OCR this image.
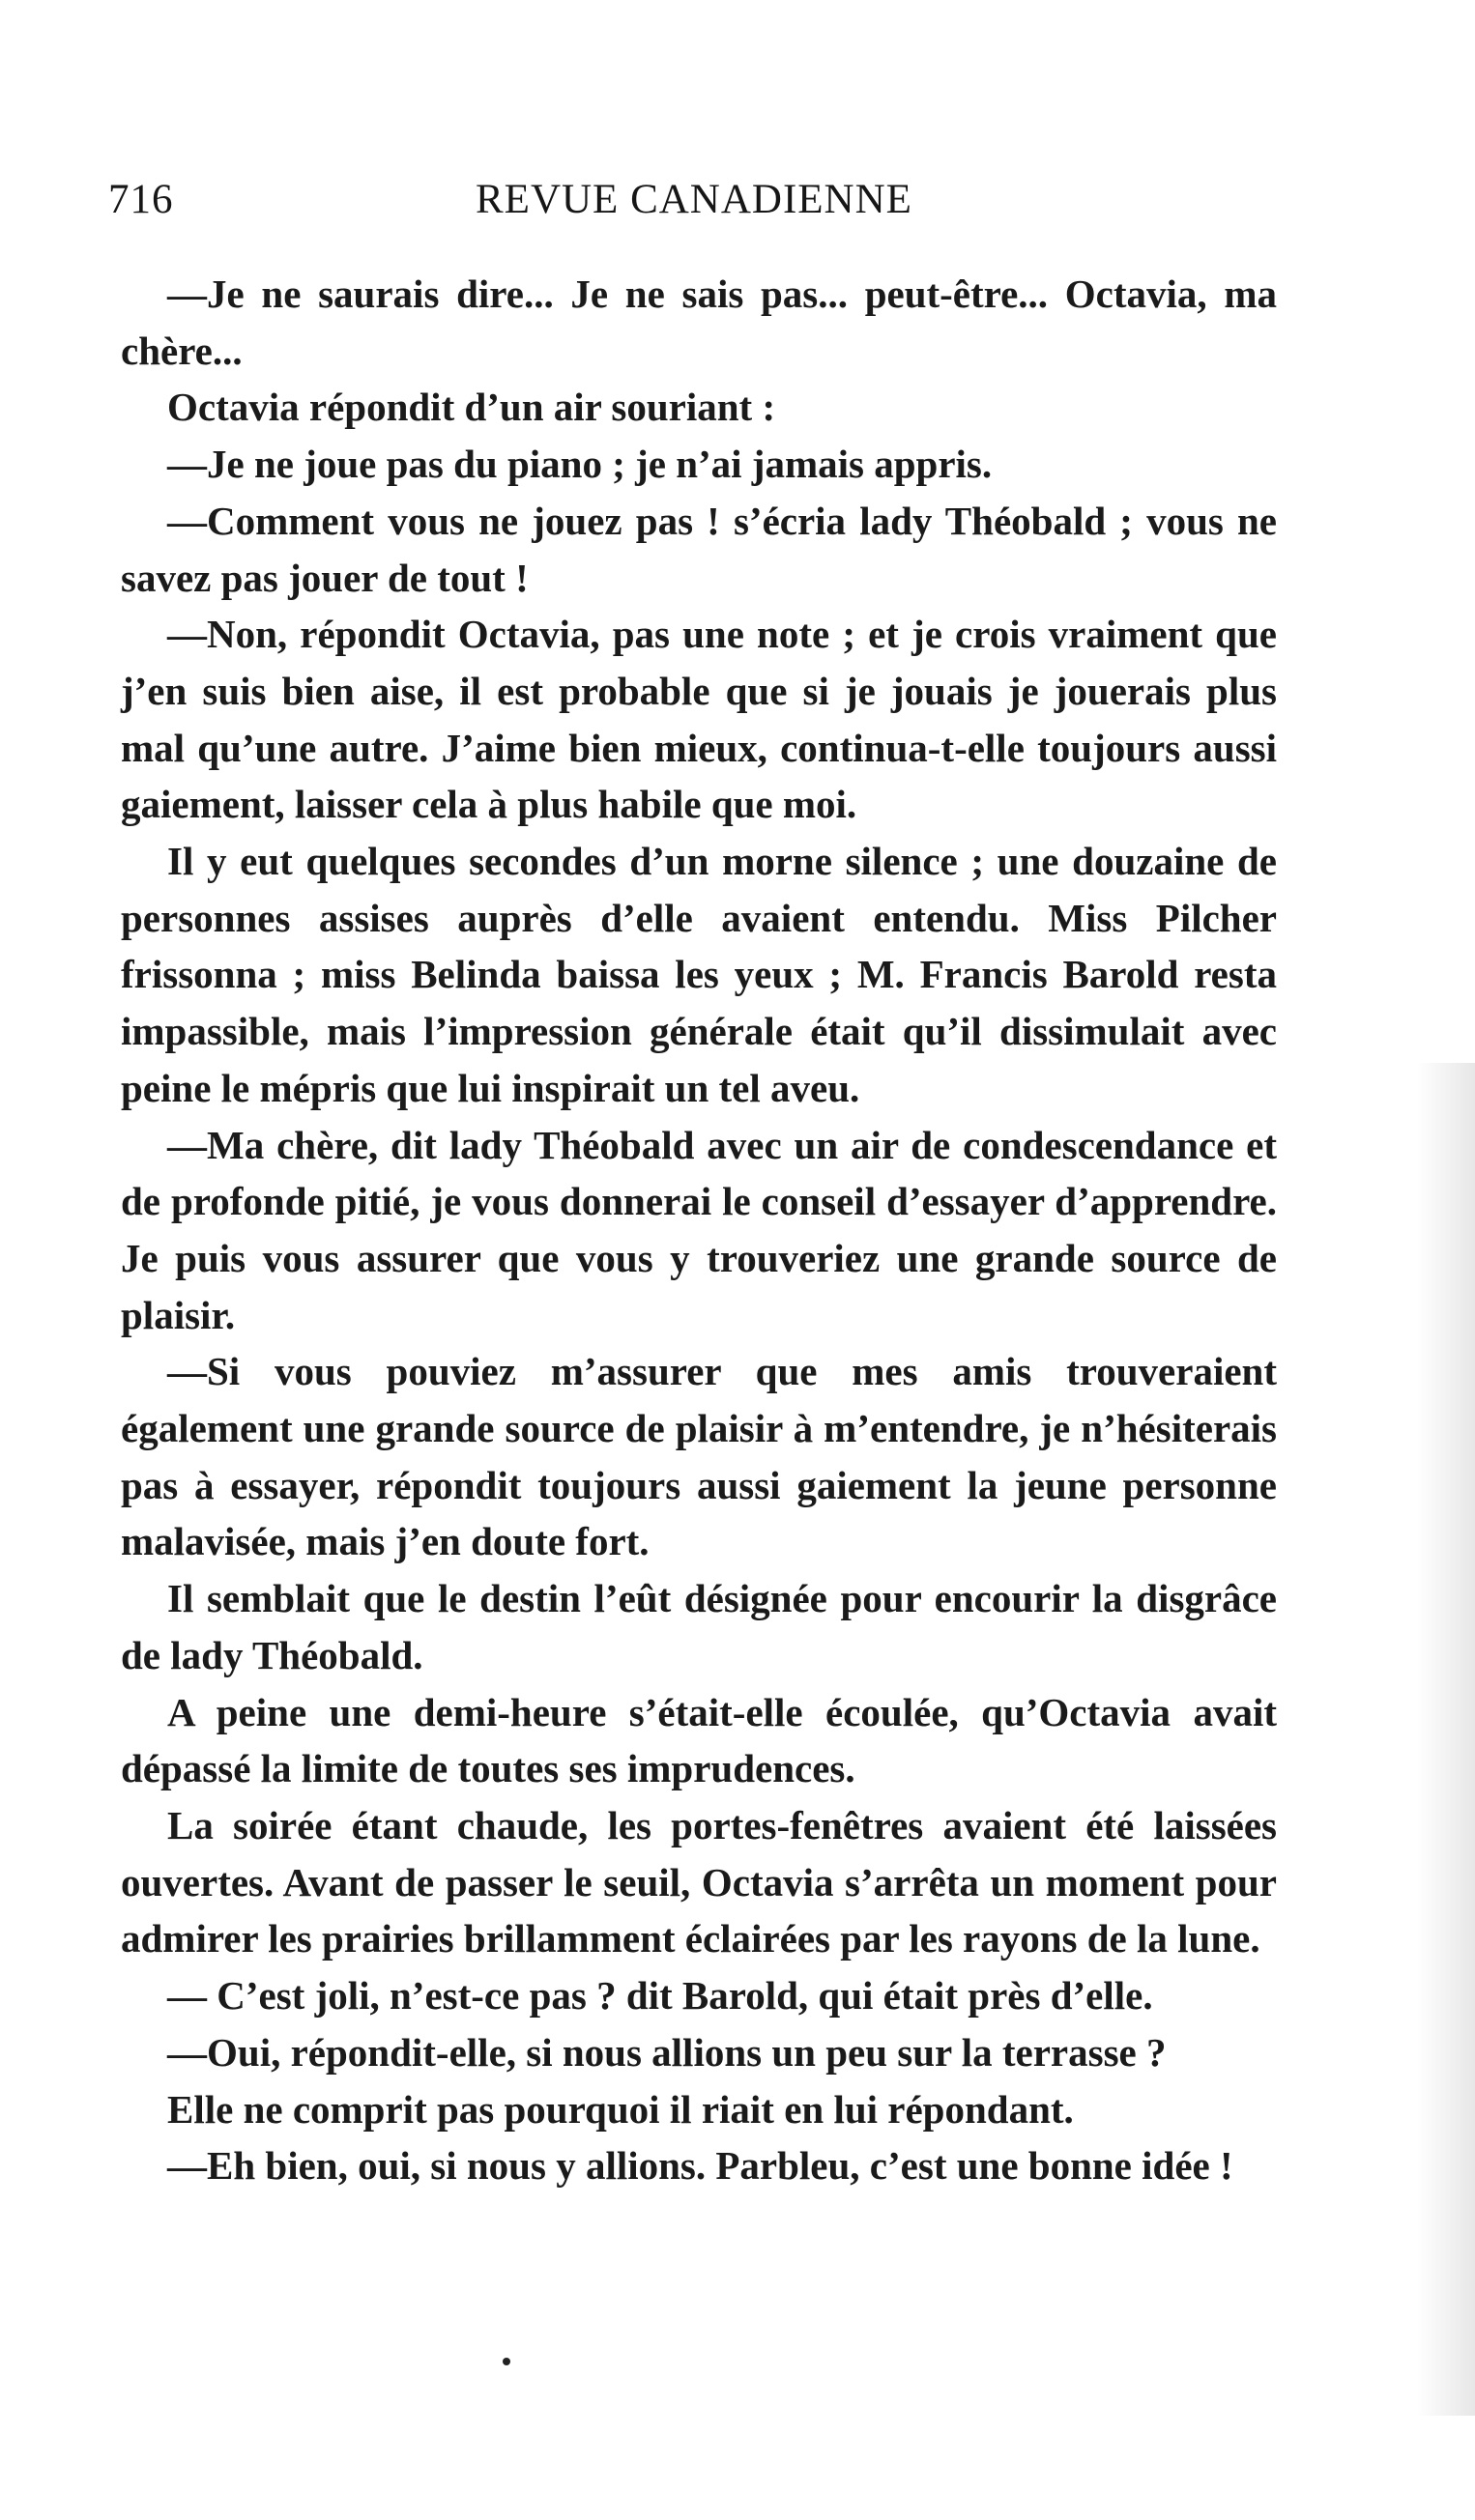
716	REVUE CANADIENNE

—Je ne saurais dire... Je ne sais pas... peut-être... Octavia, ma chère...

Octavia répondit d’un air souriant :

—Je ne joue pas du piano ; je n’ai jamais appris.

—Comment vous ne jouez pas ! s’écria lady Théobald ; vous ne savez pas jouer de tout !

—Non, répondit Octavia, pas une note ; et je crois vraiment que j’en suis bien aise, il est probable que si je jouais je jouerais plus mal qu’une autre. J’aime bien mieux, continua-t-elle toujours aussi gaiement, laisser cela à plus habile que moi.

Il y eut quelques secondes d’un morne silence ; une douzaine de personnes assises auprès d’elle avaient entendu. Miss Pilcher frissonna ; miss Belinda baissa les yeux ; M. Francis Barold resta impassible, mais l’impression générale était qu’il dissimulait avec peine le mépris que lui inspirait un tel aveu.

—Ma chère, dit lady Théobald avec un air de condescendance et de profonde pitié, je vous donnerai le conseil d’essayer d’apprendre. Je puis vous assurer que vous y trouveriez une grande source de plaisir.

—Si vous pouviez m’assurer que mes amis trouveraient également une grande source de plaisir à m’entendre, je n’hésiterais pas à essayer, répondit toujours aussi gaiement la jeune personne malavisée, mais j’en doute fort.

Il semblait que le destin l’eût désignée pour encourir la disgrâce de lady Théobald.

A peine une demi-heure s’était-elle écoulée, qu’Octavia avait dépassé la limite de toutes ses imprudences.

La soirée étant chaude, les portes-fenêtres avaient été laissées ouvertes. Avant de passer le seuil, Octavia s’arrêta un moment pour admirer les prairies brillamment éclairées par les rayons de la lune.

— C’est joli, n’est-ce pas ? dit Barold, qui était près d’elle.

—Oui, répondit-elle, si nous allions un peu sur la terrasse ?

Elle ne comprit pas pourquoi il riait en lui répondant.

—Eh bien, oui, si nous y allions. Parbleu, c’est une bonne idée !
